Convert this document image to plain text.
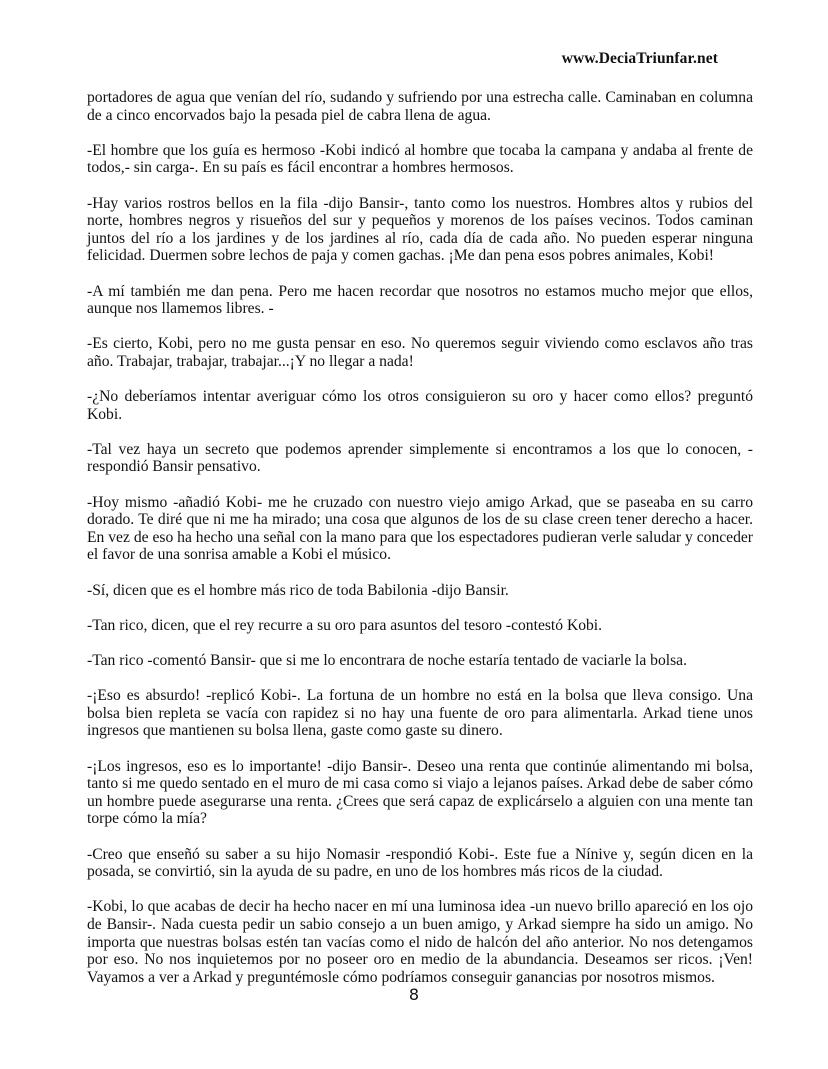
www.DeciaTriunfar.net

portadores de agua que venían del río, sudando y sufriendo por una estrecha calle. Caminaban en columna de a cinco encorvados bajo la pesada piel de cabra llena de agua.

-El hombre que los guía es hermoso -Kobi indicó al hombre que tocaba la campana y andaba al frente de todos,- sin carga-. En su país es fácil encontrar a hombres hermosos.

-Hay varios rostros bellos en la fila -dijo Bansir-, tanto como los nuestros. Hombres altos y rubios del norte, hombres negros y risueños del sur y pequeños y morenos de los países vecinos. Todos caminan juntos del río a los jardines y de los jardines al río, cada día de cada año. No pueden esperar ninguna felicidad. Duermen sobre lechos de paja y comen gachas. ¡Me dan pena esos pobres animales, Kobi!

-A mí también me dan pena. Pero me hacen recordar que nosotros no estamos mucho mejor que ellos, aunque nos llamemos libres. -

-Es cierto, Kobi, pero no me gusta pensar en eso. No queremos seguir viviendo como esclavos año tras año. Trabajar, trabajar, trabajar...¡Y no llegar a nada!

-¿No deberíamos intentar averiguar cómo los otros consiguieron su oro y hacer como ellos? preguntó Kobi.

-Tal vez haya un secreto que podemos aprender simplemente si encontramos a los que lo conocen, - respondió Bansir pensativo.

-Hoy mismo -añadió Kobi- me he cruzado con nuestro viejo amigo Arkad, que se paseaba en su carro dorado. Te diré que ni me ha mirado; una cosa que algunos de los de su clase creen tener derecho a hacer. En vez de eso ha hecho una señal con la mano para que los espectadores pudieran verle saludar y conceder el favor de una sonrisa amable a Kobi el músico.

-Sí, dicen que es el hombre más rico de toda Babilonia -dijo Bansir.

-Tan rico, dicen, que el rey recurre a su oro para asuntos del tesoro -contestó Kobi.

-Tan rico -comentó Bansir- que si me lo encontrara de noche estaría tentado de vaciarle la bolsa.

-¡Eso es absurdo! -replicó Kobi-. La fortuna de un hombre no está en la bolsa que lleva consigo. Una bolsa bien repleta se vacía con rapidez si no hay una fuente de oro para alimentarla. Arkad tiene unos ingresos que mantienen su bolsa llena, gaste como gaste su dinero.

-¡Los ingresos, eso es lo importante! -dijo Bansir-. Deseo una renta que continúe alimentando mi bolsa, tanto si me quedo sentado en el muro de mi casa como si viajo a lejanos países. Arkad debe de saber cómo un hombre puede asegurarse una renta. ¿Crees que será capaz de explicárselo a alguien con una mente tan torpe cómo la mía?

-Creo que enseñó su saber a su hijo Nomasir -respondió Kobi-. Este fue a Nínive y, según dicen en la posada, se convirtió, sin la ayuda de su padre, en uno de los hombres más ricos de la ciudad.

-Kobi, lo que acabas de decir ha hecho nacer en mí una luminosa idea -un nuevo brillo apareció en los ojo de Bansir-. Nada cuesta pedir un sabio consejo a un buen amigo, y Arkad siempre ha sido un amigo. No importa que nuestras bolsas estén tan vacías como el nido de halcón del año anterior. No nos detengamos por eso. No nos inquietemos por no poseer oro en medio de la abundancia. Deseamos ser ricos. ¡Ven! Vayamos a ver a Arkad y preguntémosle cómo podríamos conseguir ganancias por nosotros mismos.

8
